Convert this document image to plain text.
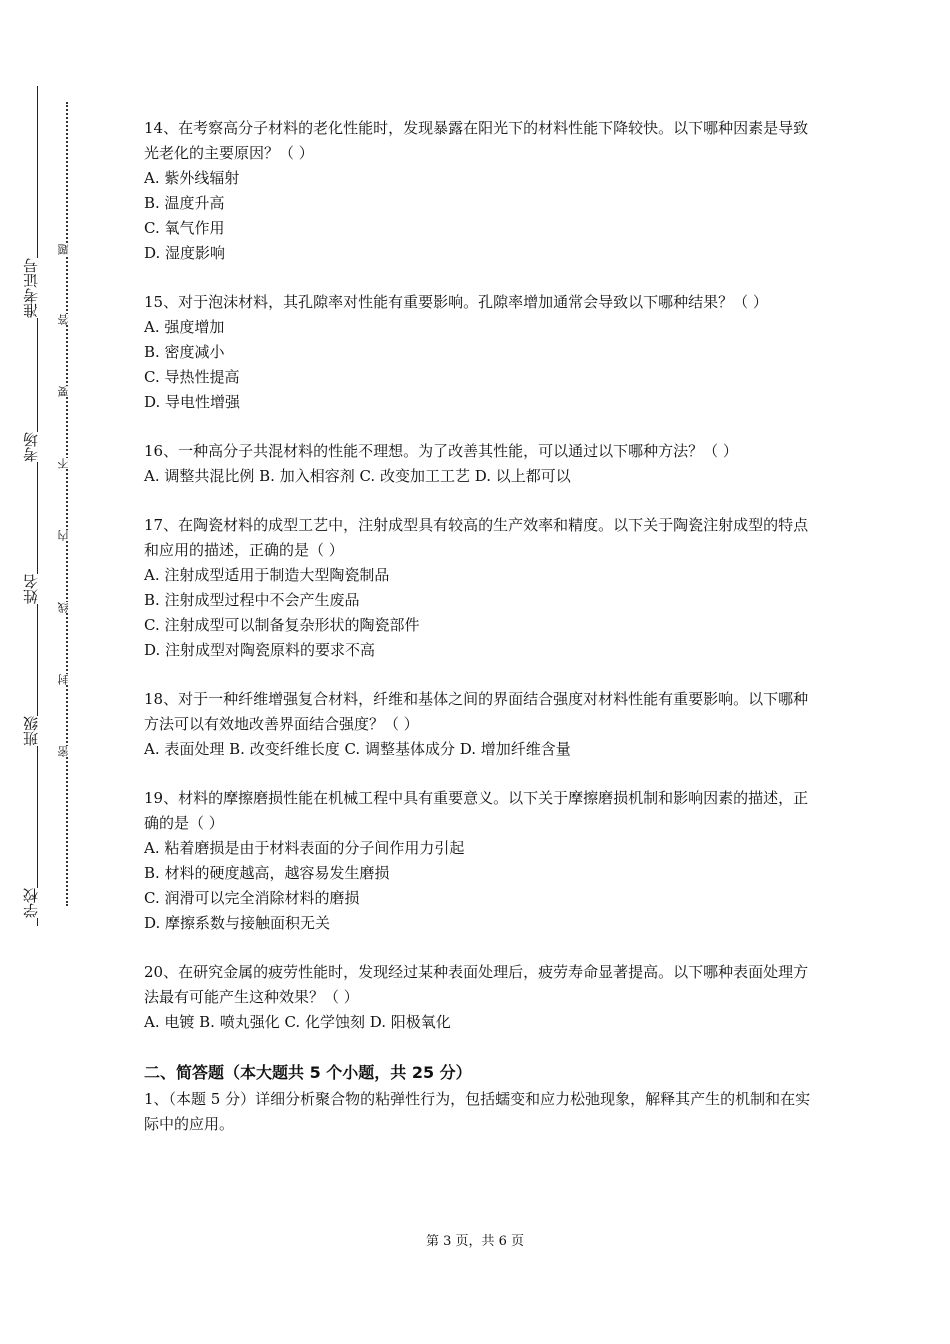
准考证号
考场
姓名
班级
学校
题
答
要
不
内
线
封
密

14、在考察高分子材料的老化性能时，发现暴露在阳光下的材料性能下降较快。以下哪种因素是导致光老化的主要原因？（ ）

A. 紫外线辐射

B. 温度升高

C. 氧气作用

D. 湿度影响

15、对于泡沫材料，其孔隙率对性能有重要影响。孔隙率增加通常会导致以下哪种结果？（ ）

A. 强度增加

B. 密度减小

C. 导热性提高

D. 导电性增强

16、一种高分子共混材料的性能不理想。为了改善其性能，可以通过以下哪种方法？（ ）

A. 调整共混比例 B. 加入相容剂 C. 改变加工工艺 D. 以上都可以

17、在陶瓷材料的成型工艺中，注射成型具有较高的生产效率和精度。以下关于陶瓷注射成型的特点和应用的描述，正确的是（ ）

A. 注射成型适用于制造大型陶瓷制品

B. 注射成型过程中不会产生废品

C. 注射成型可以制备复杂形状的陶瓷部件

D. 注射成型对陶瓷原料的要求不高

18、对于一种纤维增强复合材料，纤维和基体之间的界面结合强度对材料性能有重要影响。以下哪种方法可以有效地改善界面结合强度？（ ）

A. 表面处理 B. 改变纤维长度 C. 调整基体成分 D. 增加纤维含量

19、材料的摩擦磨损性能在机械工程中具有重要意义。以下关于摩擦磨损机制和影响因素的描述，正确的是（ ）

A. 粘着磨损是由于材料表面的分子间作用力引起

B. 材料的硬度越高，越容易发生磨损

C. 润滑可以完全消除材料的磨损

D. 摩擦系数与接触面积无关

20、在研究金属的疲劳性能时，发现经过某种表面处理后，疲劳寿命显著提高。以下哪种表面处理方法最有可能产生这种效果？（ ）

A. 电镀 B. 喷丸强化 C. 化学蚀刻 D. 阳极氧化

二、简答题（本大题共 5 个小题，共 25 分）

1、（本题 5 分）详细分析聚合物的粘弹性行为，包括蠕变和应力松弛现象，解释其产生的机制和在实际中的应用。

第 3 页，共 6 页
